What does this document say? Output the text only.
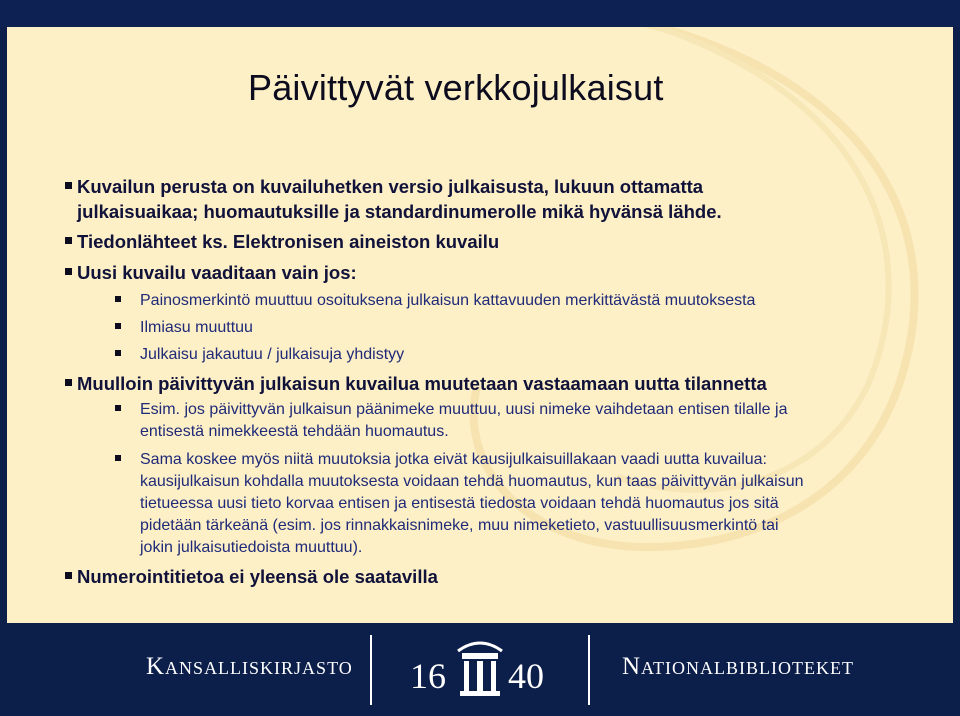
Päivittyvät verkkojulkaisut
Kuvailun perusta on kuvailuhetken versio julkaisusta, lukuun ottamatta
julkaisuaikaa; huomautuksille ja standardinumerolle mikä hyvänsä lähde.
Tiedonlähteet ks. Elektronisen aineiston kuvailu
Uusi kuvailu vaaditaan vain jos:
Painosmerkintö muuttuu osoituksena julkaisun kattavuuden merkittävästä muutoksesta
Ilmiasu muuttuu
Julkaisu jakautuu / julkaisuja yhdistyy
Muulloin päivittyvän julkaisun kuvailua muutetaan vastaamaan uutta tilannetta
Esim. jos päivittyvän julkaisun päänimeke muuttuu, uusi nimeke vaihdetaan entisen tilalle ja
entisestä nimekkeestä tehdään huomautus.
Sama koskee myös niitä muutoksia jotka eivät kausijulkaisuillakaan vaadi uutta kuvailua:
kausijulkaisun kohdalla muutoksesta voidaan tehdä huomautus, kun taas päivittyvän julkaisun
tietueessa uusi tieto korvaa entisen ja entisestä tiedosta voidaan tehdä huomautus jos sitä
pidetään tärkeänä (esim. jos rinnakkaisnimeke, muu nimeketieto, vastuullisuusmerkintö tai
jokin julkaisutiedoista muuttuu).
Numerointitietoa ei yleensä ole saatavilla
Kansalliskirjasto 16 40	Nationalbiblioteket
